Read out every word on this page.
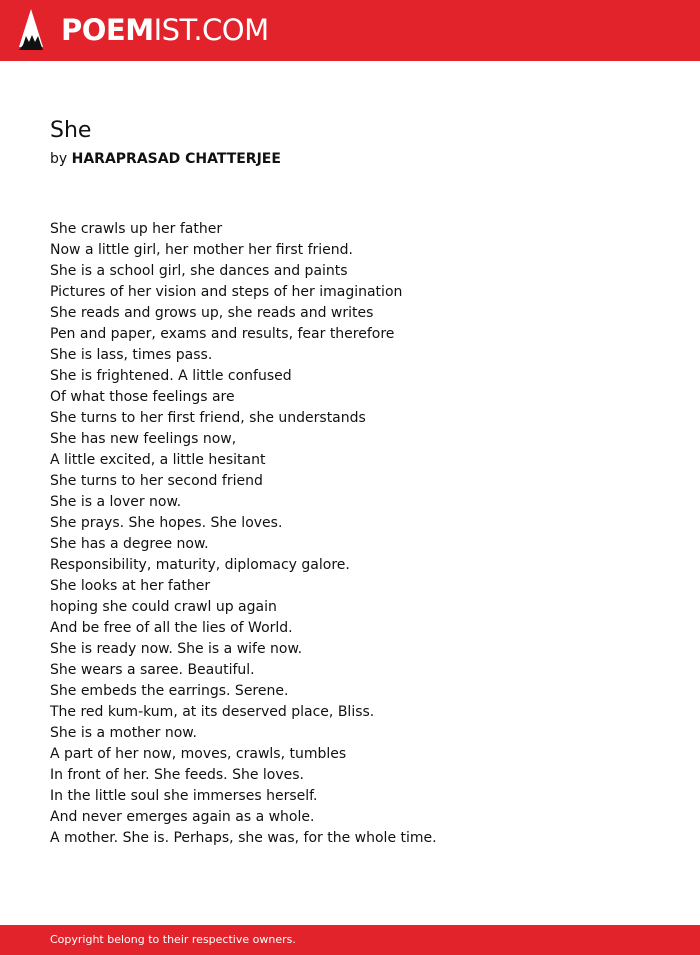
POEMIST.COM
She
by HARAPRASAD CHATTERJEE
She crawls up her father
Now a little girl, her mother her first friend.
She is a school girl, she dances and paints
Pictures of her vision and steps of her imagination
She reads and grows up, she reads and writes
Pen and paper, exams and results, fear therefore
She is lass, times pass.
She is frightened. A little confused
Of what those feelings are
She turns to her first friend, she understands
She has new feelings now,
A little excited, a little hesitant
She turns to her second friend
She is a lover now.
She prays. She hopes. She loves.
She has a degree now.
Responsibility, maturity, diplomacy galore.
She looks at her father
hoping she could crawl up again
And be free of all the lies of World.
She is ready now. She is a wife now.
She wears a saree. Beautiful.
She embeds the earrings. Serene.
The red kum-kum, at its deserved place, Bliss.
She is a mother now.
A part of her now, moves, crawls, tumbles
In front of her. She feeds. She loves.
In the little soul she immerses herself.
And never emerges again as a whole.
A mother. She is. Perhaps, she was, for the whole time.
Copyright belong to their respective owners.
